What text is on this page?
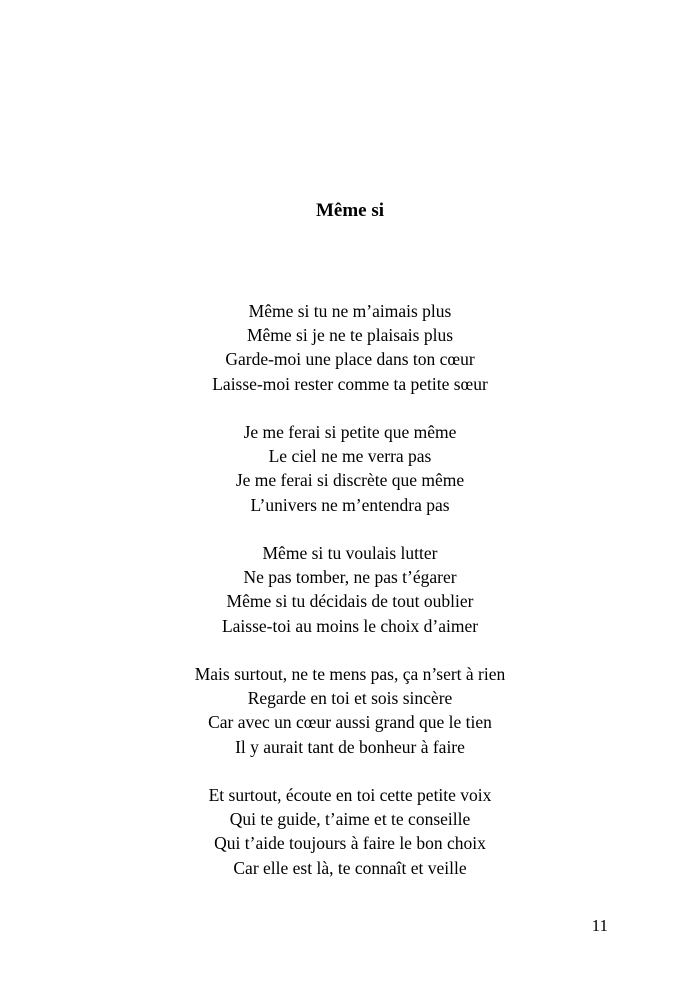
Même si
Même si tu ne m’aimais plus
Même si je ne te plaisais plus
Garde-moi une place dans ton cœur
Laisse-moi rester comme ta petite sœur
Je me ferai si petite que même
Le ciel ne me verra pas
Je me ferai si discrète que même
L’univers ne m’entendra pas
Même si tu voulais lutter
Ne pas tomber, ne pas t’égarer
Même si tu décidais de tout oublier
Laisse-toi au moins le choix d’aimer
Mais surtout, ne te mens pas, ça n’sert à rien
Regarde en toi et sois sincère
Car avec un cœur aussi grand que le tien
Il y aurait tant de bonheur à faire
Et surtout, écoute en toi cette petite voix
Qui te guide, t’aime et te conseille
Qui t’aide toujours à faire le bon choix
Car elle est là, te connaît et veille
11
